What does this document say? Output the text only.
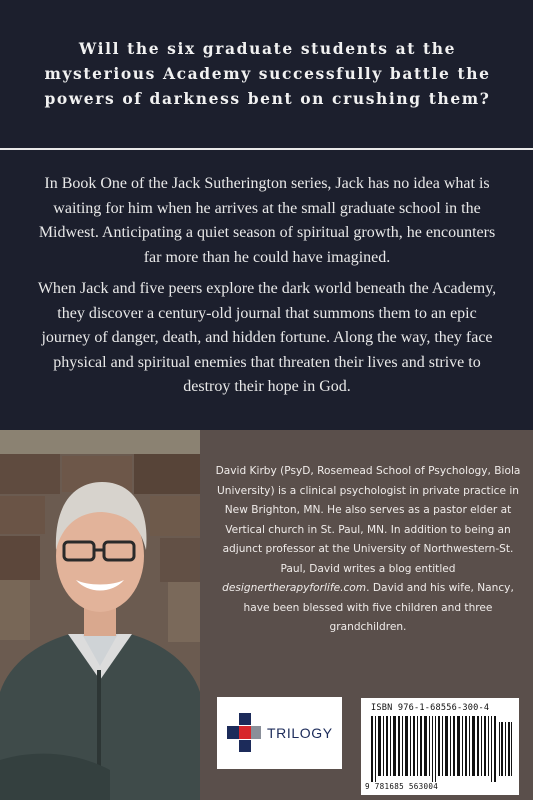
Will the six graduate students at the mysterious Academy successfully battle the powers of darkness bent on crushing them?

In Book One of the Jack Sutherington series, Jack has no idea what is waiting for him when he arrives at the small graduate school in the Midwest. Anticipating a quiet season of spiritual growth, he encounters far more than he could have imagined.

When Jack and five peers explore the dark world beneath the Academy, they discover a century-old journal that summons them to an epic journey of danger, death, and hidden fortune. Along the way, they face physical and spiritual enemies that threaten their lives and strive to destroy their hope in God.

David Kirby (PsyD, Rosemead School of Psychology, Biola University) is a clinical psychologist in private practice in New Brighton, MN. He also serves as a pastor elder at Vertical church in St. Paul, MN. In addition to being an adjunct professor at the University of Northwestern-St. Paul, David writes a blog entitled designertherapyforlife.com. David and his wife, Nancy, have been blessed with five children and three grandchildren.

TRILOGY
ISBN 976-1-68556-300-4
9 781685 563004
